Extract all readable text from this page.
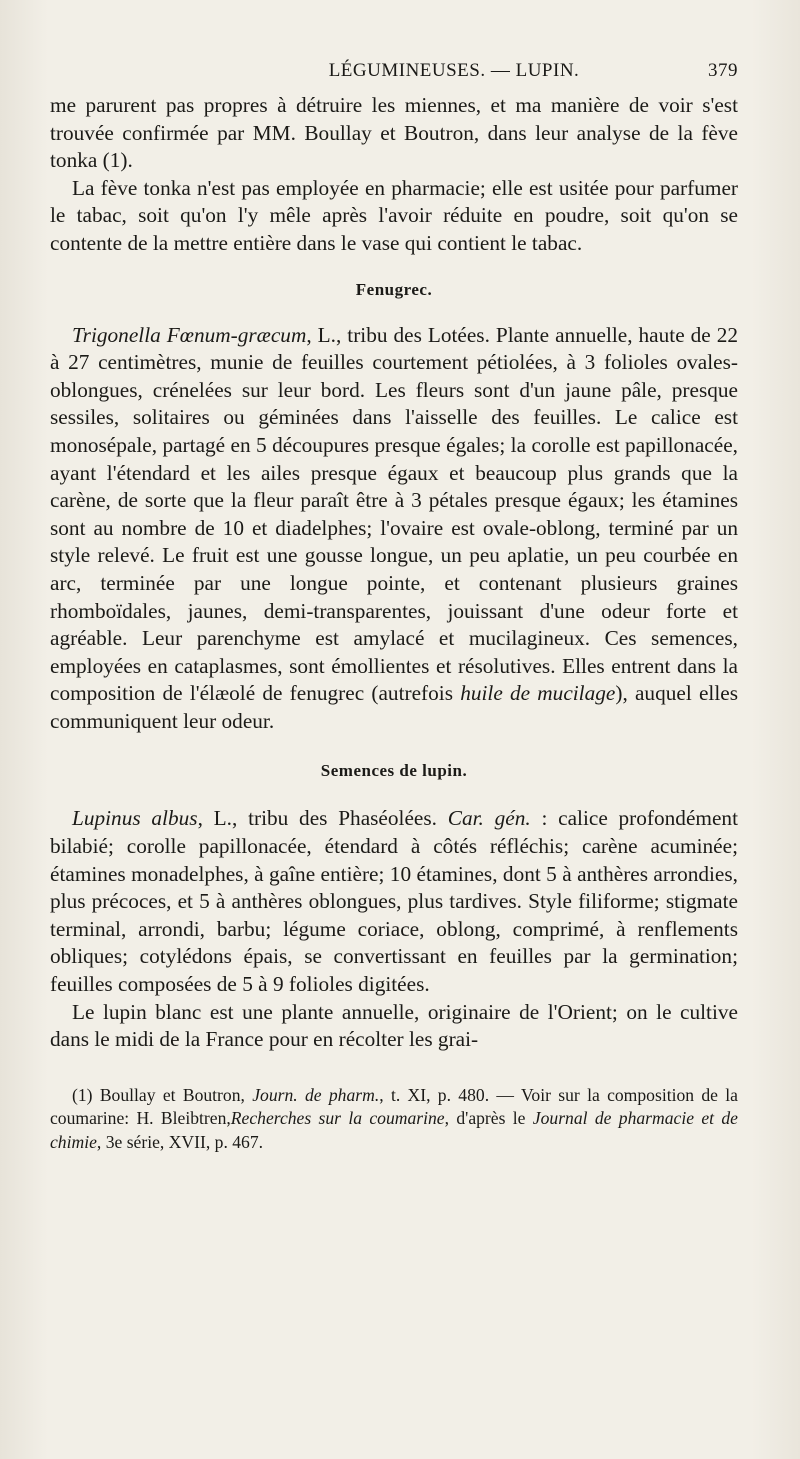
LÉGUMINEUSES. — LUPIN.	379

me parurent pas propres à détruire les miennes, et ma manière de voir s'est trouvée confirmée par MM. Boullay et Boutron, dans leur analyse de la fève tonka (1).

La fève tonka n'est pas employée en pharmacie; elle est usitée pour parfumer le tabac, soit qu'on l'y mêle après l'avoir réduite en poudre, soit qu'on se contente de la mettre entière dans le vase qui contient le tabac.

Fenugrec.

Trigonella Fœnum-græcum, L., tribu des Lotées. Plante annuelle, haute de 22 à 27 centimètres, munie de feuilles courtement pétiolées, à 3 folioles ovales-oblongues, crénelées sur leur bord. Les fleurs sont d'un jaune pâle, presque sessiles, solitaires ou géminées dans l'aisselle des feuilles. Le calice est monosépale, partagé en 5 découpures presque égales; la corolle est papillonacée, ayant l'étendard et les ailes presque égaux et beaucoup plus grands que la carène, de sorte que la fleur paraît être à 3 pétales presque égaux; les étamines sont au nombre de 10 et diadelphes; l'ovaire est ovale-oblong, terminé par un style relevé. Le fruit est une gousse longue, un peu aplatie, un peu courbée en arc, terminée par une longue pointe, et contenant plusieurs graines rhomboïdales, jaunes, demi-transparentes, jouissant d'une odeur forte et agréable. Leur parenchyme est amylacé et mucilagineux. Ces semences, employées en cataplasmes, sont émollientes et résolutives. Elles entrent dans la composition de l'élæolé de fenugrec (autrefois huile de mucilage), auquel elles communiquent leur odeur.

Semences de lupin.

Lupinus albus, L., tribu des Phaséolées. Car. gén. : calice profondément bilabié; corolle papillonacée, étendard à côtés réfléchis; carène acuminée; étamines monadelphes, à gaîne entière; 10 étamines, dont 5 à anthères arrondies, plus précoces, et 5 à anthères oblongues, plus tardives. Style filiforme; stigmate terminal, arrondi, barbu; légume coriace, oblong, comprimé, à renflements obliques; cotylédons épais, se convertissant en feuilles par la germination; feuilles composées de 5 à 9 folioles digitées.

Le lupin blanc est une plante annuelle, originaire de l'Orient; on le cultive dans le midi de la France pour en récolter les grai-

(1) Boullay et Boutron, Journ. de pharm., t. XI, p. 480. — Voir sur la composition de la coumarine: H. Bleibtren,Recherches sur la coumarine, d'après le Journal de pharmacie et de chimie, 3e série, XVII, p. 467.
